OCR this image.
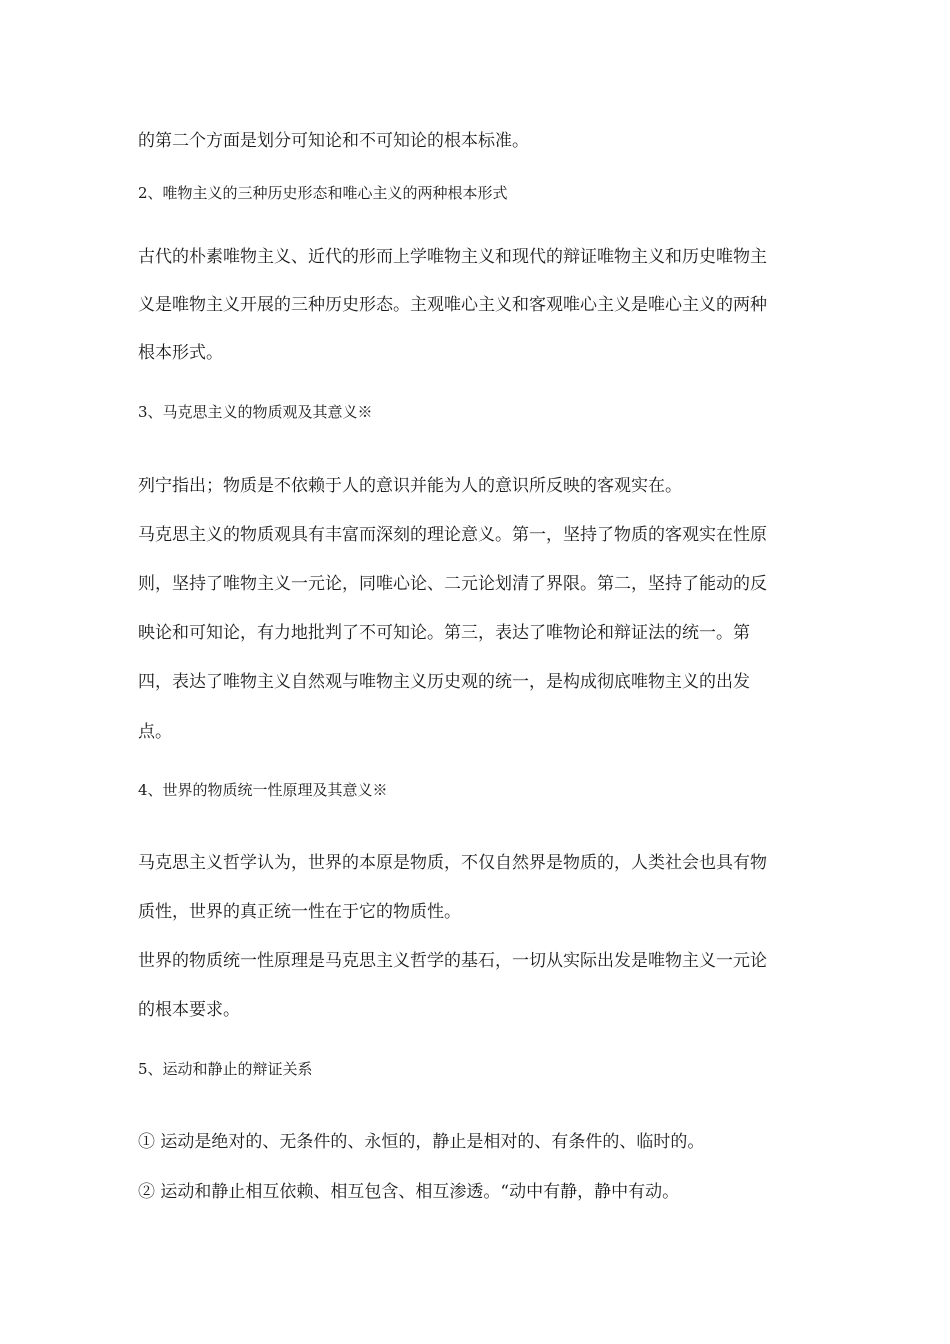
的第二个方面是划分可知论和不可知论的根本标准。
2、唯物主义的三种历史形态和唯心主义的两种根本形式
古代的朴素唯物主义、近代的形而上学唯物主义和现代的辩证唯物主义和历史唯物主
义是唯物主义开展的三种历史形态。主观唯心主义和客观唯心主义是唯心主义的两种
根本形式。
3、马克思主义的物质观及其意义※
列宁指出；物质是不依赖于人的意识并能为人的意识所反映的客观实在。
马克思主义的物质观具有丰富而深刻的理论意义。第一，坚持了物质的客观实在性原
则，坚持了唯物主义一元论，同唯心论、二元论划清了界限。第二，坚持了能动的反
映论和可知论，有力地批判了不可知论。第三，表达了唯物论和辩证法的统一。第
四，表达了唯物主义自然观与唯物主义历史观的统一，是构成彻底唯物主义的出发
点。
4、世界的物质统一性原理及其意义※
马克思主义哲学认为，世界的本原是物质，不仅自然界是物质的，人类社会也具有物
质性，世界的真正统一性在于它的物质性。
世界的物质统一性原理是马克思主义哲学的基石，一切从实际出发是唯物主义一元论
的根本要求。
5、运动和静止的辩证关系
① 运动是绝对的、无条件的、永恒的，静止是相对的、有条件的、临时的。
② 运动和静止相互依赖、相互包含、相互渗透。“动中有静，静中有动。
